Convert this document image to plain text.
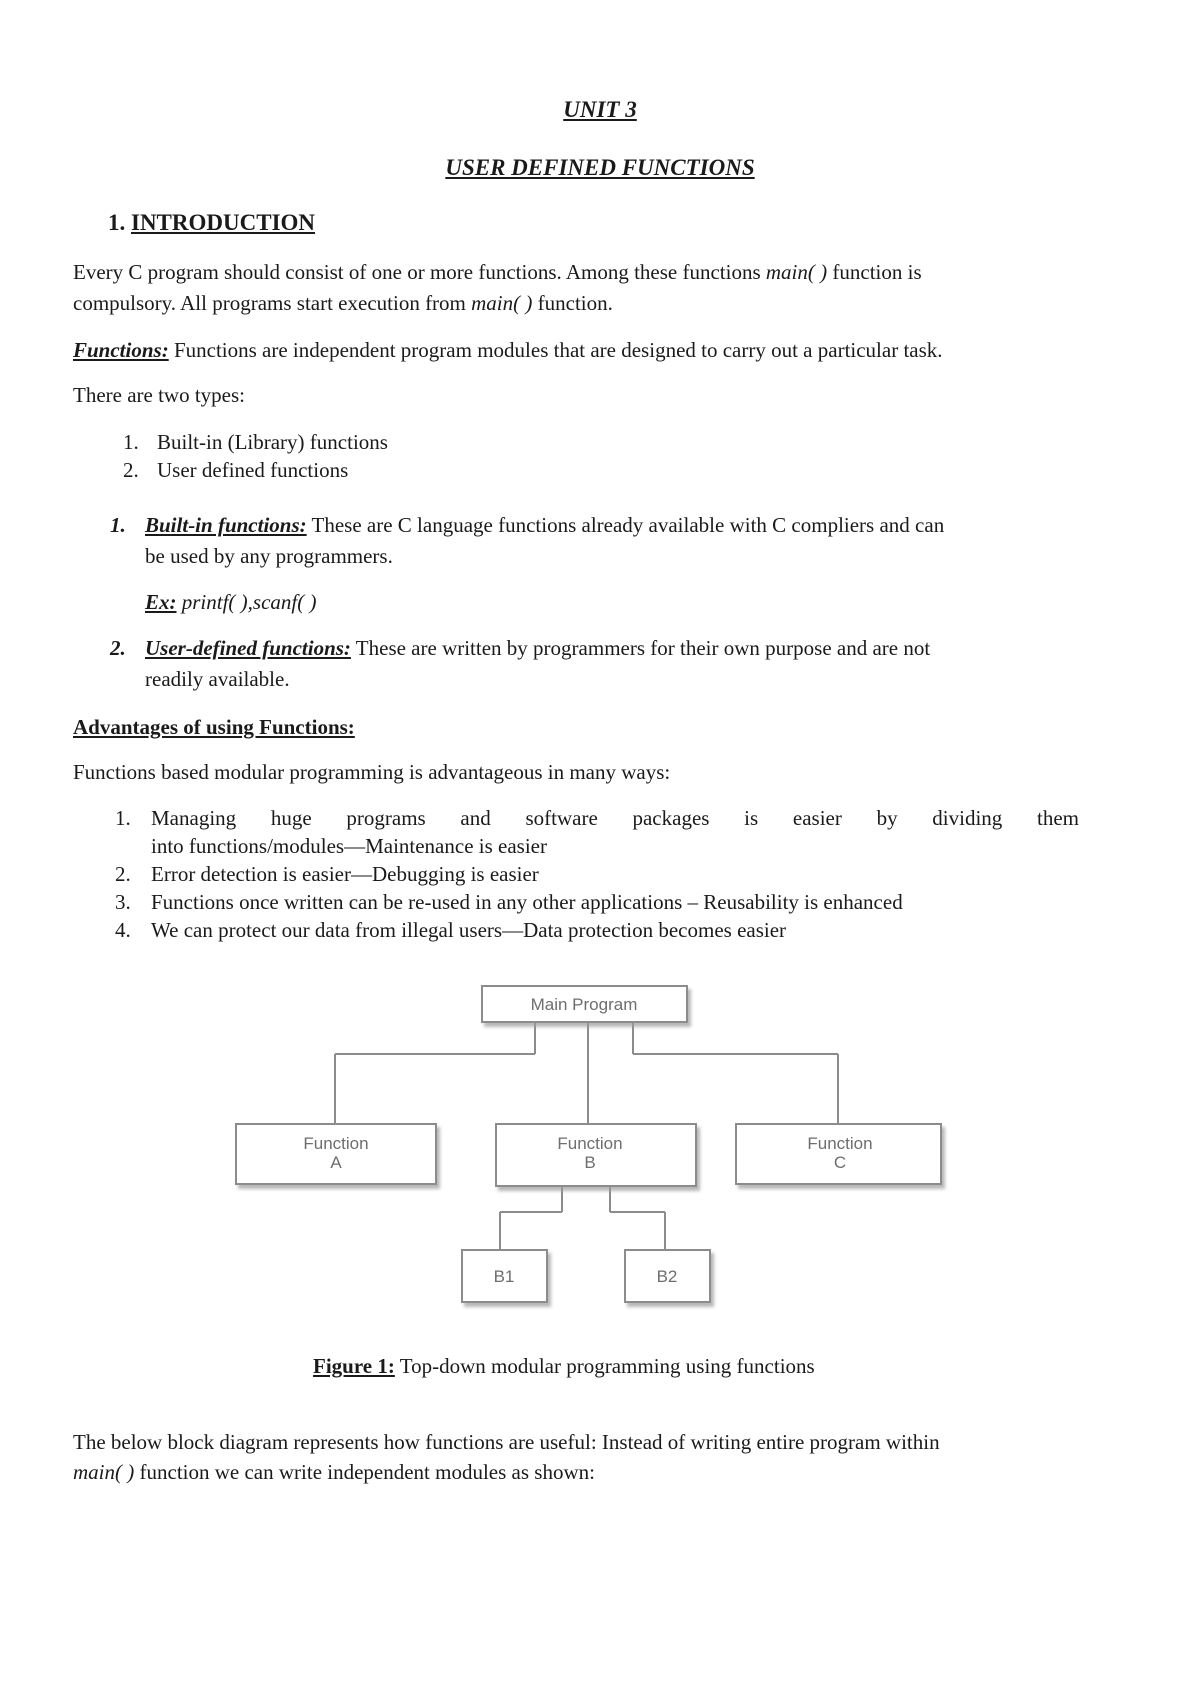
UNIT 3
USER DEFINED FUNCTIONS
1. INTRODUCTION
Every C program should consist of one or more functions. Among these functions main( ) function is
compulsory. All programs start execution from main( ) function.
Functions: Functions are independent program modules that are designed to carry out a particular task.
There are two types:
1. Built-in (Library) functions
2. User defined functions
1. Built-in functions: These are C language functions already available with C compliers and can
be used by any programmers.
Ex: printf( ),scanf( )
2. User-defined functions: These are written by programmers for their own purpose and are not
readily available.
Advantages of using Functions:
Functions based modular programming is advantageous in many ways:
1. Managing huge programs and software packages is easier by dividing them
into functions/modules—Maintenance is easier
2. Error detection is easier—Debugging is easier
3. Functions once written can be re-used in any other applications – Reusability is enhanced
4. We can protect our data from illegal users—Data protection becomes easier
Main Program
Function
A
Function
B
Function
C
B1	B2
Figure 1: Top-down modular programming using functions
The below block diagram represents how functions are useful: Instead of writing entire program within
main( ) function we can write independent modules as shown:
